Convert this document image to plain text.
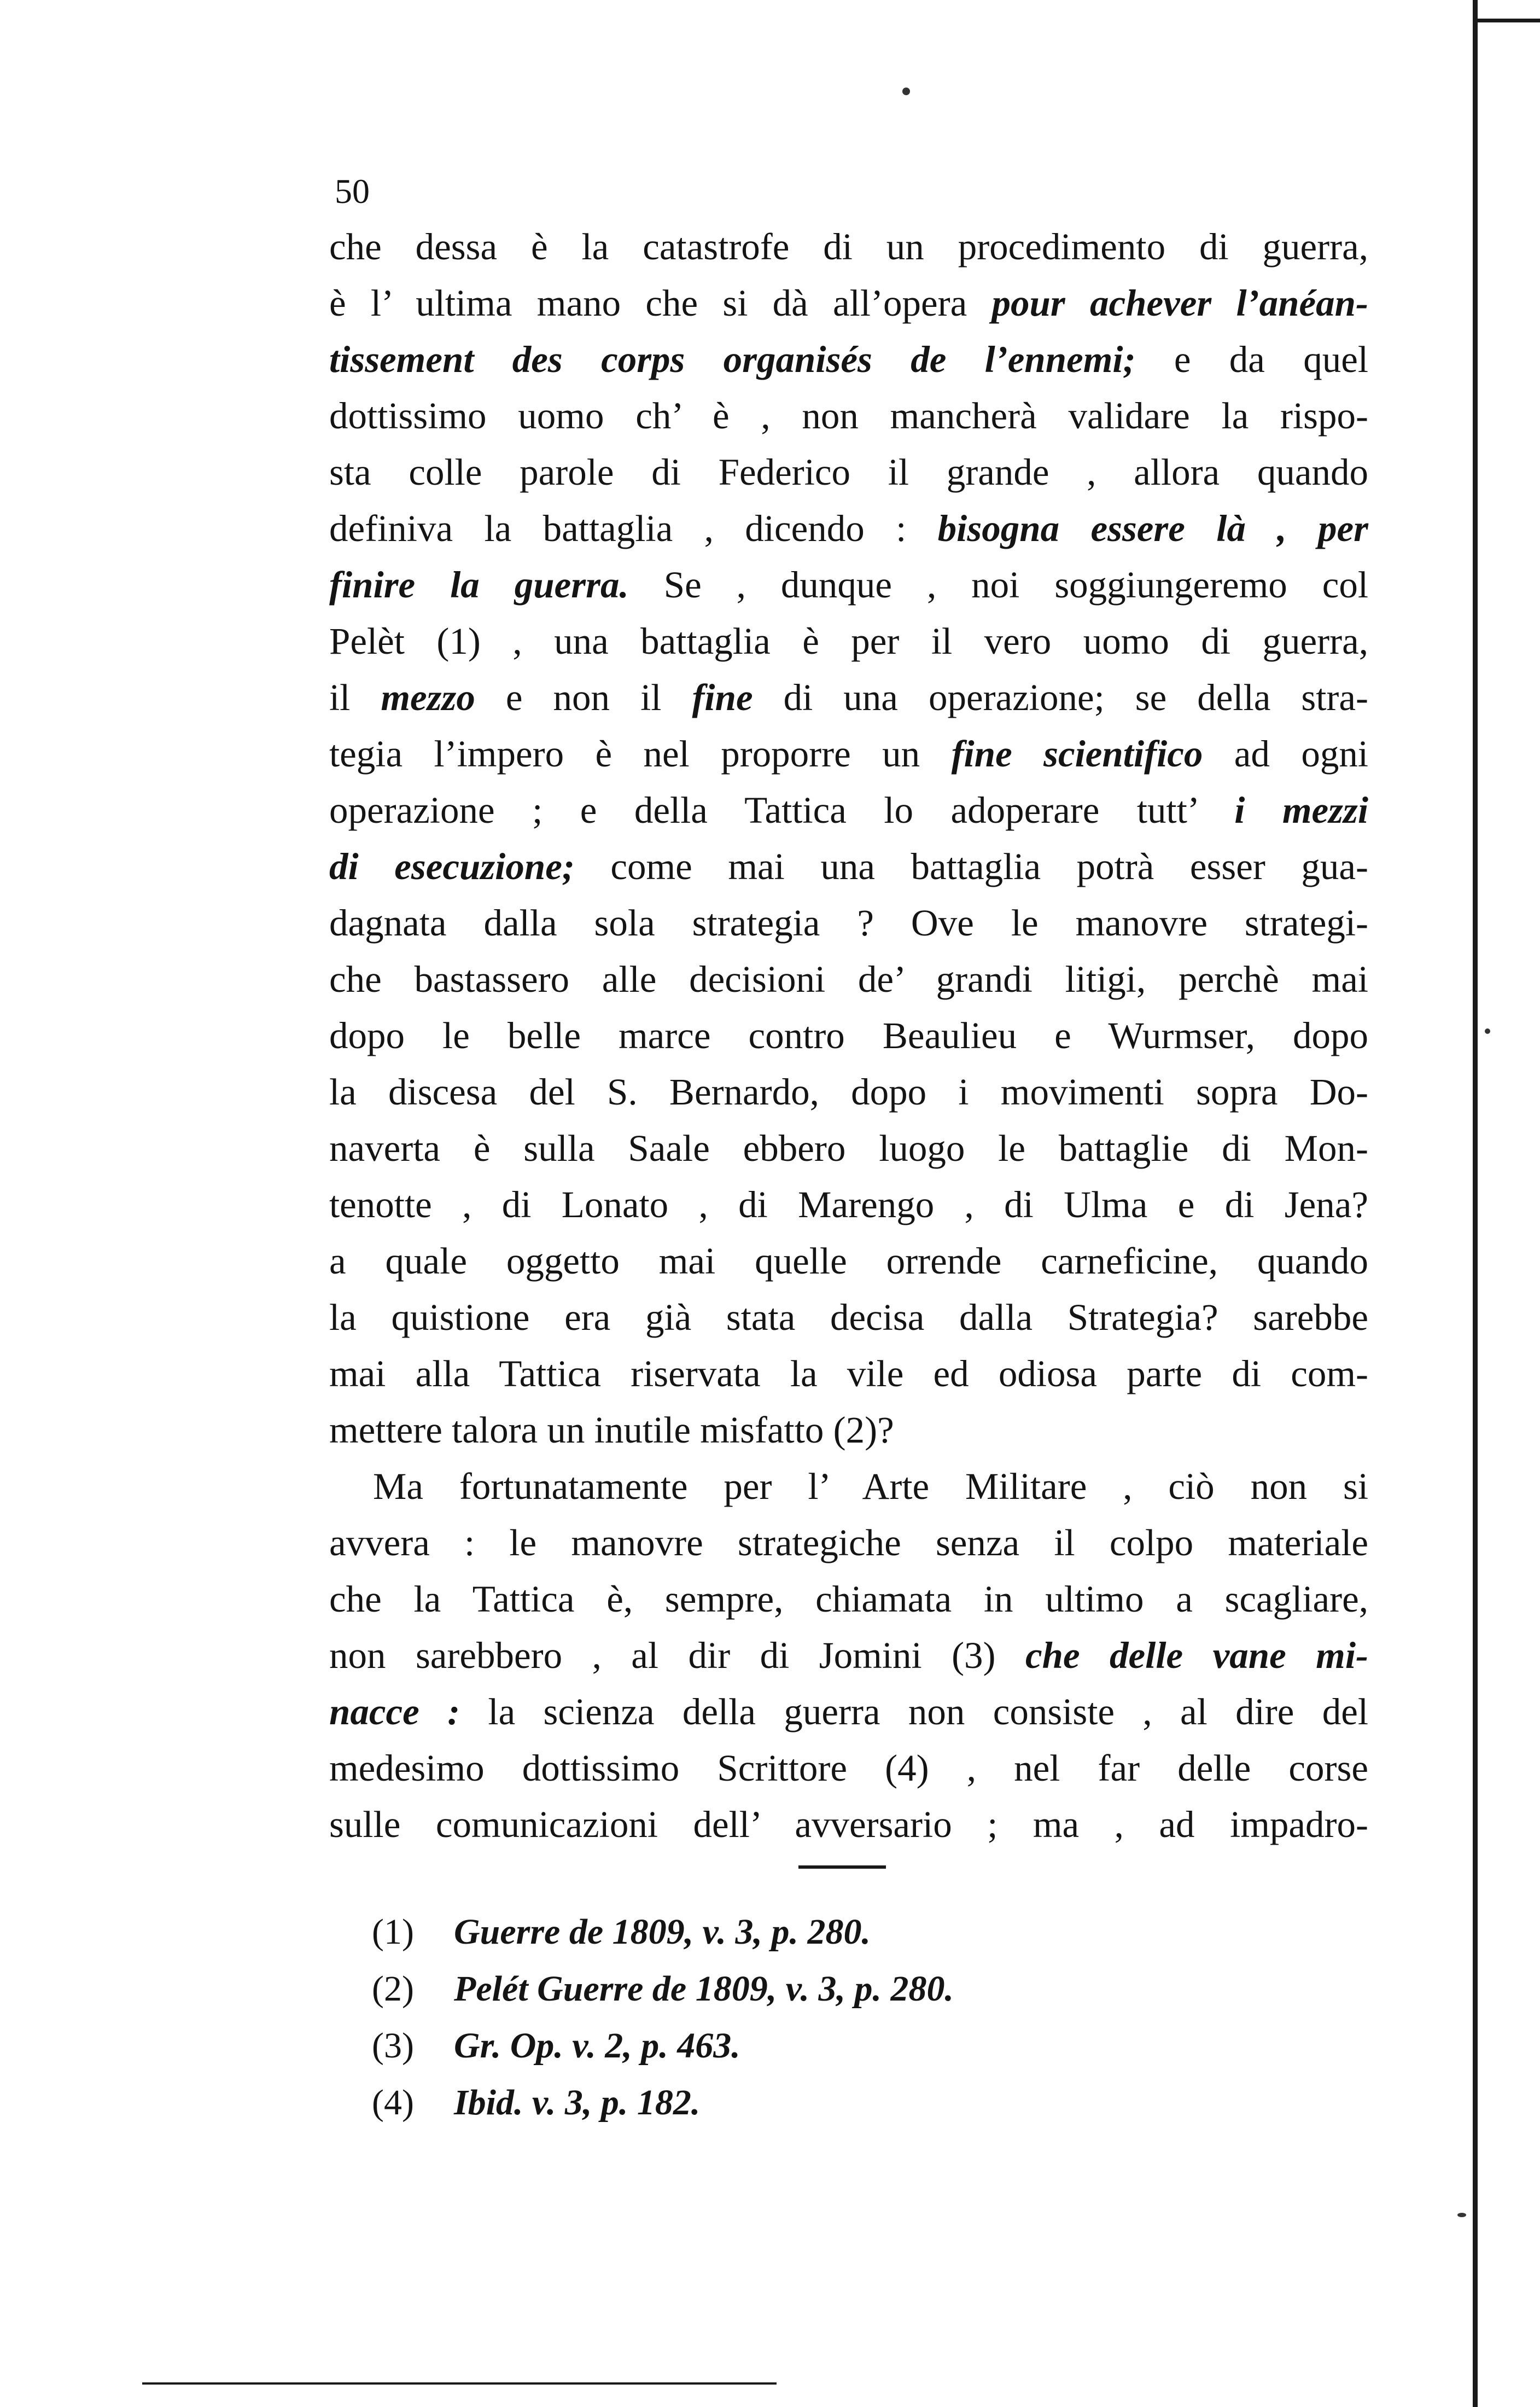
50
che dessa è la catastrofe di un procedimento di guerra,
è l’ ultima mano che si dà all’opera pour achever l’anéan-
tissement des corps organisés de l’ennemi; e da quel
dottissimo uomo ch’ è , non mancherà validare la rispo-
sta colle parole di Federico il grande , allora quando
definiva la battaglia , dicendo : bisogna essere là , per
finire la guerra. Se , dunque , noi soggiungeremo col
Pelèt (1) , una battaglia è per il vero uomo di guerra,
il mezzo e non il fine di una operazione; se della stra-
tegia l’impero è nel proporre un fine scientifico ad ogni
operazione ; e della Tattica lo adoperare tutt’ i mezzi
di esecuzione; come mai una battaglia potrà esser gua-
dagnata dalla sola strategia ? Ove le manovre strategi-
che bastassero alle decisioni de’ grandi litigi, perchè mai
dopo le belle marce contro Beaulieu e Wurmser, dopo
la discesa del S. Bernardo, dopo i movimenti sopra Do-
naverta è sulla Saale ebbero luogo le battaglie di Mon-
tenotte , di Lonato , di Marengo , di Ulma e di Jena?
a quale oggetto mai quelle orrende carneficine, quando
la quistione era già stata decisa dalla Strategia? sarebbe
mai alla Tattica riservata la vile ed odiosa parte di com-
mettere talora un inutile misfatto (2)?
Ma fortunatamente per l’ Arte Militare , ciò non si
avvera : le manovre strategiche senza il colpo materiale
che la Tattica è, sempre, chiamata in ultimo a scagliare,
non sarebbero , al dir di Jomini (3) che delle vane mi-
nacce : la scienza della guerra non consiste , al dire del
medesimo dottissimo Scrittore (4) , nel far delle corse
sulle comunicazioni dell’ avversario ; ma , ad impadro-
(1) Guerre de 1809, v. 3, p. 280.
(2) Pelét Guerre de 1809, v. 3, p. 280.
(3) Gr. Op. v. 2, p. 463.
(4) Ibid. v. 3, p. 182.
